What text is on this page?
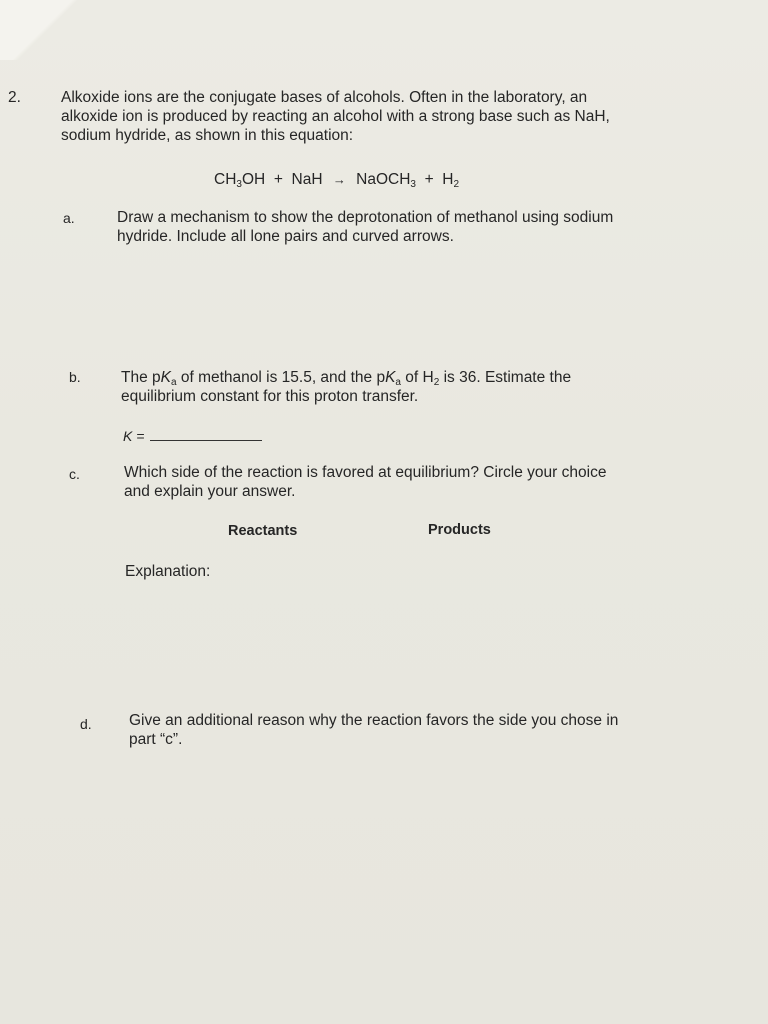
2.	Alkoxide ions are the conjugate bases of alcohols. Often in the laboratory, an
alkoxide ion is produced by reacting an alcohol with a strong base such as NaH,
sodium hydride, as shown in this equation:
$CH_3OH$ + NaH → NaOCH$_3$ + $H_2$
a.	Draw a mechanism to show the deprotonation of methanol using sodium
hydride. Include all lone pairs and curved arrows.
b.	The $pK_a$ of methanol is 15.5, and the $pK_a$ of $H_2$ is 36. Estimate the
equilibrium constant for this proton transfer.
K =
c.	Which side of the reaction is favored at equilibrium? Circle your choice
and explain your answer.
Reactants	Products
Explanation:
d. Give an additional reason why the reaction favors the side you chose in
part “c”.
